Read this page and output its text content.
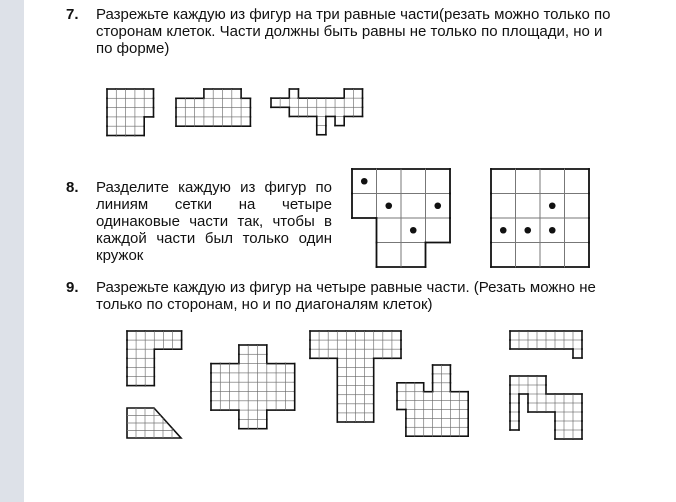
7. Разрежьте каждую из фигур на три равные части(резать можно только по
сторонам клеток. Части должны быть равны не только по площади, но и
по форме)
8. Разделите каждую из фигур по
линиям сетки на четыре
одинаковые части так, чтобы в
каждой части был только один
кружок
9. Разрежьте каждую из фигур на четыре равные части. (Резать можно не
только по сторонам, но и по диагоналям клеток)
